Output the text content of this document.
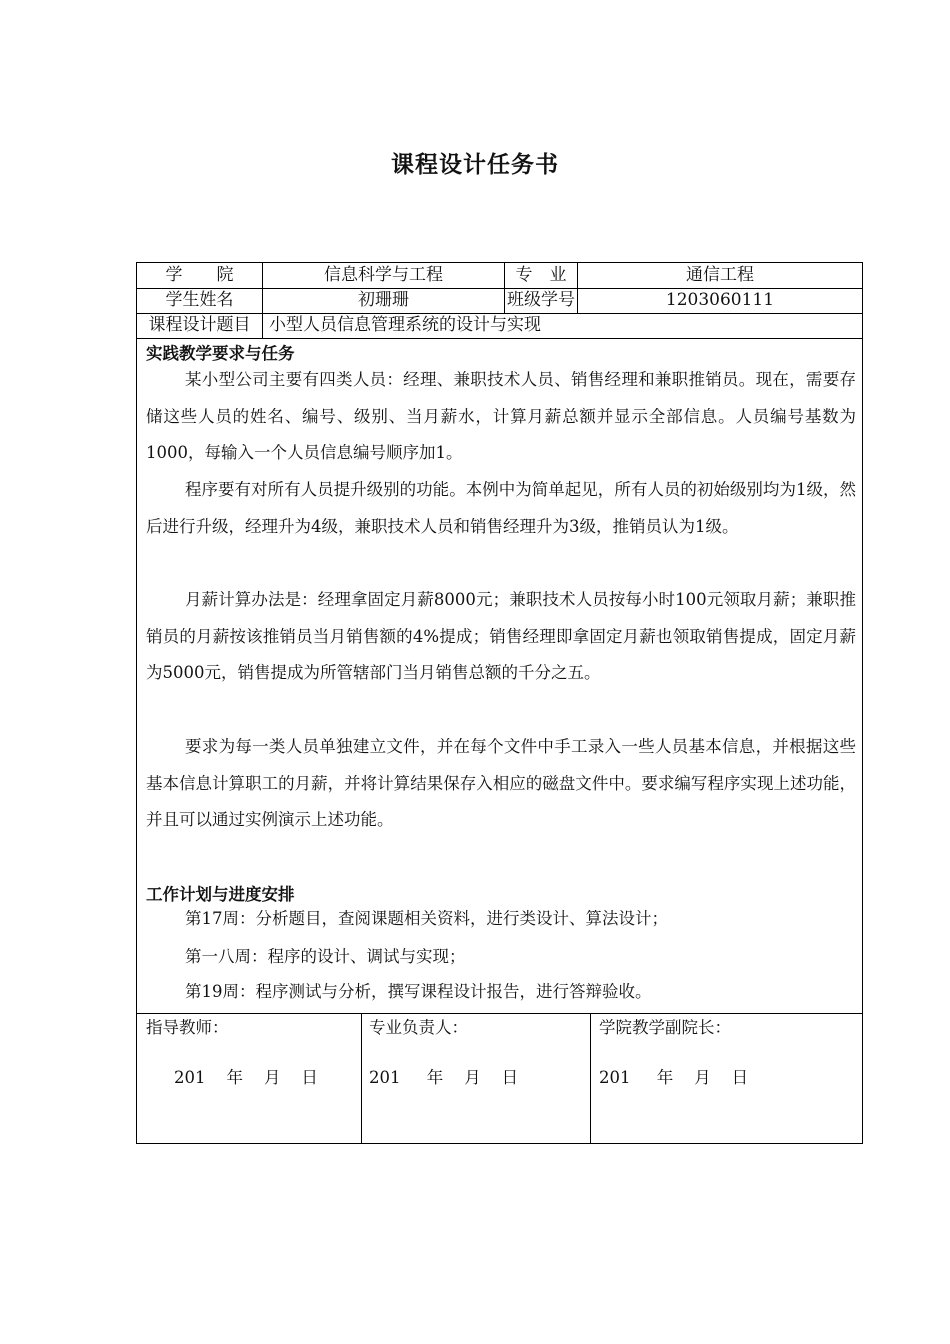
课程设计任务书
学　　院	信息科学与工程	专　业	通信工程
学生姓名	初珊珊	班级学号	1203060111
课程设计题目	小型人员信息管理系统的设计与实现
实践教学要求与任务

某小型公司主要有四类人员：经理、兼职技术人员、销售经理和兼职推销员。现在，需要存储这些人员的姓名、编号、级别、当月薪水，计算月薪总额并显示全部信息。人员编号基数为1000，每输入一个人员信息编号顺序加1。

程序要有对所有人员提升级别的功能。本例中为简单起见，所有人员的初始级别均为1级，然后进行升级，经理升为4级，兼职技术人员和销售经理升为3级，推销员认为1级。

月薪计算办法是：经理拿固定月薪8000元；兼职技术人员按每小时100元领取月薪；兼职推销员的月薪按该推销员当月销售额的4%提成；销售经理即拿固定月薪也领取销售提成，固定月薪为5000元，销售提成为所管辖部门当月销售总额的千分之五。

要求为每一类人员单独建立文件，并在每个文件中手工录入一些人员基本信息，并根据这些基本信息计算职工的月薪，并将计算结果保存入相应的磁盘文件中。要求编写程序实现上述功能，并且可以通过实例演示上述功能。

工作计划与进度安排
第17周：分析题目，查阅课题相关资料，进行类设计、算法设计；
第一八周：程序的设计、调试与实现；
第19周：程序测试与分析，撰写课程设计报告，进行答辩验收。
指导教师：
201    年    月    日
专业负责人：
201     年    月    日
学院教学副院长：
201     年    月    日
